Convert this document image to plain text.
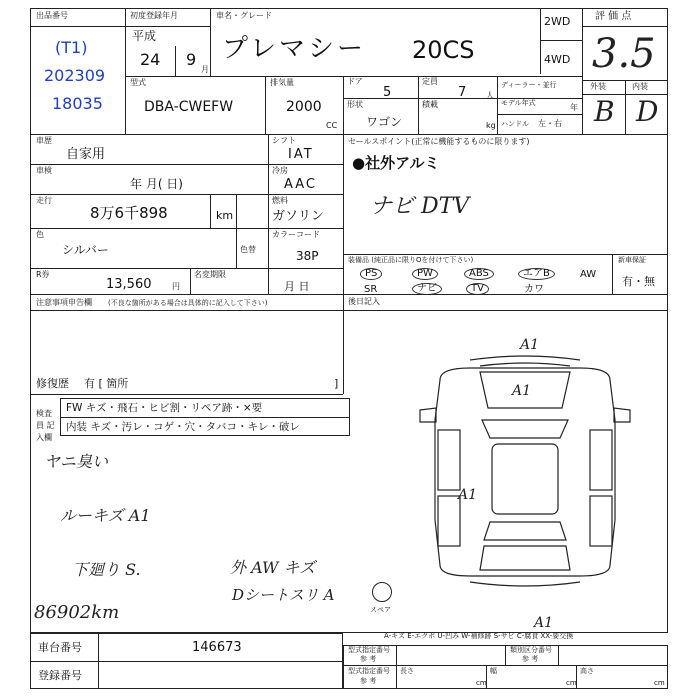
出品番号
(T1)
202309
18035
初度登録年月
平成
24 9
月
車名・グレード
プレマシー 20CS
2WD
4WD
評 価 点
3.5
外装	内装
B D
型式
DBA-CWEFW
排気量
2000
CC
ドア
5
定員
7 人
ディーラー・並行
形状
ワゴン
積載
kg
モデル年式	年
ハンドル 左・右
車歴
自家用
シフト
IAT
車検
年 月( 日)
冷房
AAC
走行
8万6千898	km
燃料
ガソリン
色
シルバー	色替
カラーコード
38P
R券
13,560	円
名変期限
月 日
セールスポイント(正常に機能するものに限ります)
●社外アルミ
ナビ DTV
装備品 (純正品に限りOを付けて下さい)	新車保証
有・無
PS	PW	ABS	エアB	AW
SR	ナビ	TV	カワ
後日記入
注意事項申告欄 (不良な箇所がある場合は具体的に記入して下さい)
修復歴 有 [ 箇所	]
検査員 記入欄
FW キズ・飛石・ヒビ割・リペア跡・×要
内装 キズ・汚レ・コゲ・穴・タバコ・キレ・破レ
ヤニ臭い
ルーキズ A1
下廻り S.	外 AW キズ
Dシートスリ A
86902km
A1
A1
A1
A1
スペア
A-キズ E-エクボ U-凹み W-補修跡 S-サビ C-腐食 XX-要交換
車台番号	146673
登録番号
型式指定番号
参 考
類別区分番号
参 考
型式指定番号
参 考
長さ
cm
幅
cm
高さ
cm
